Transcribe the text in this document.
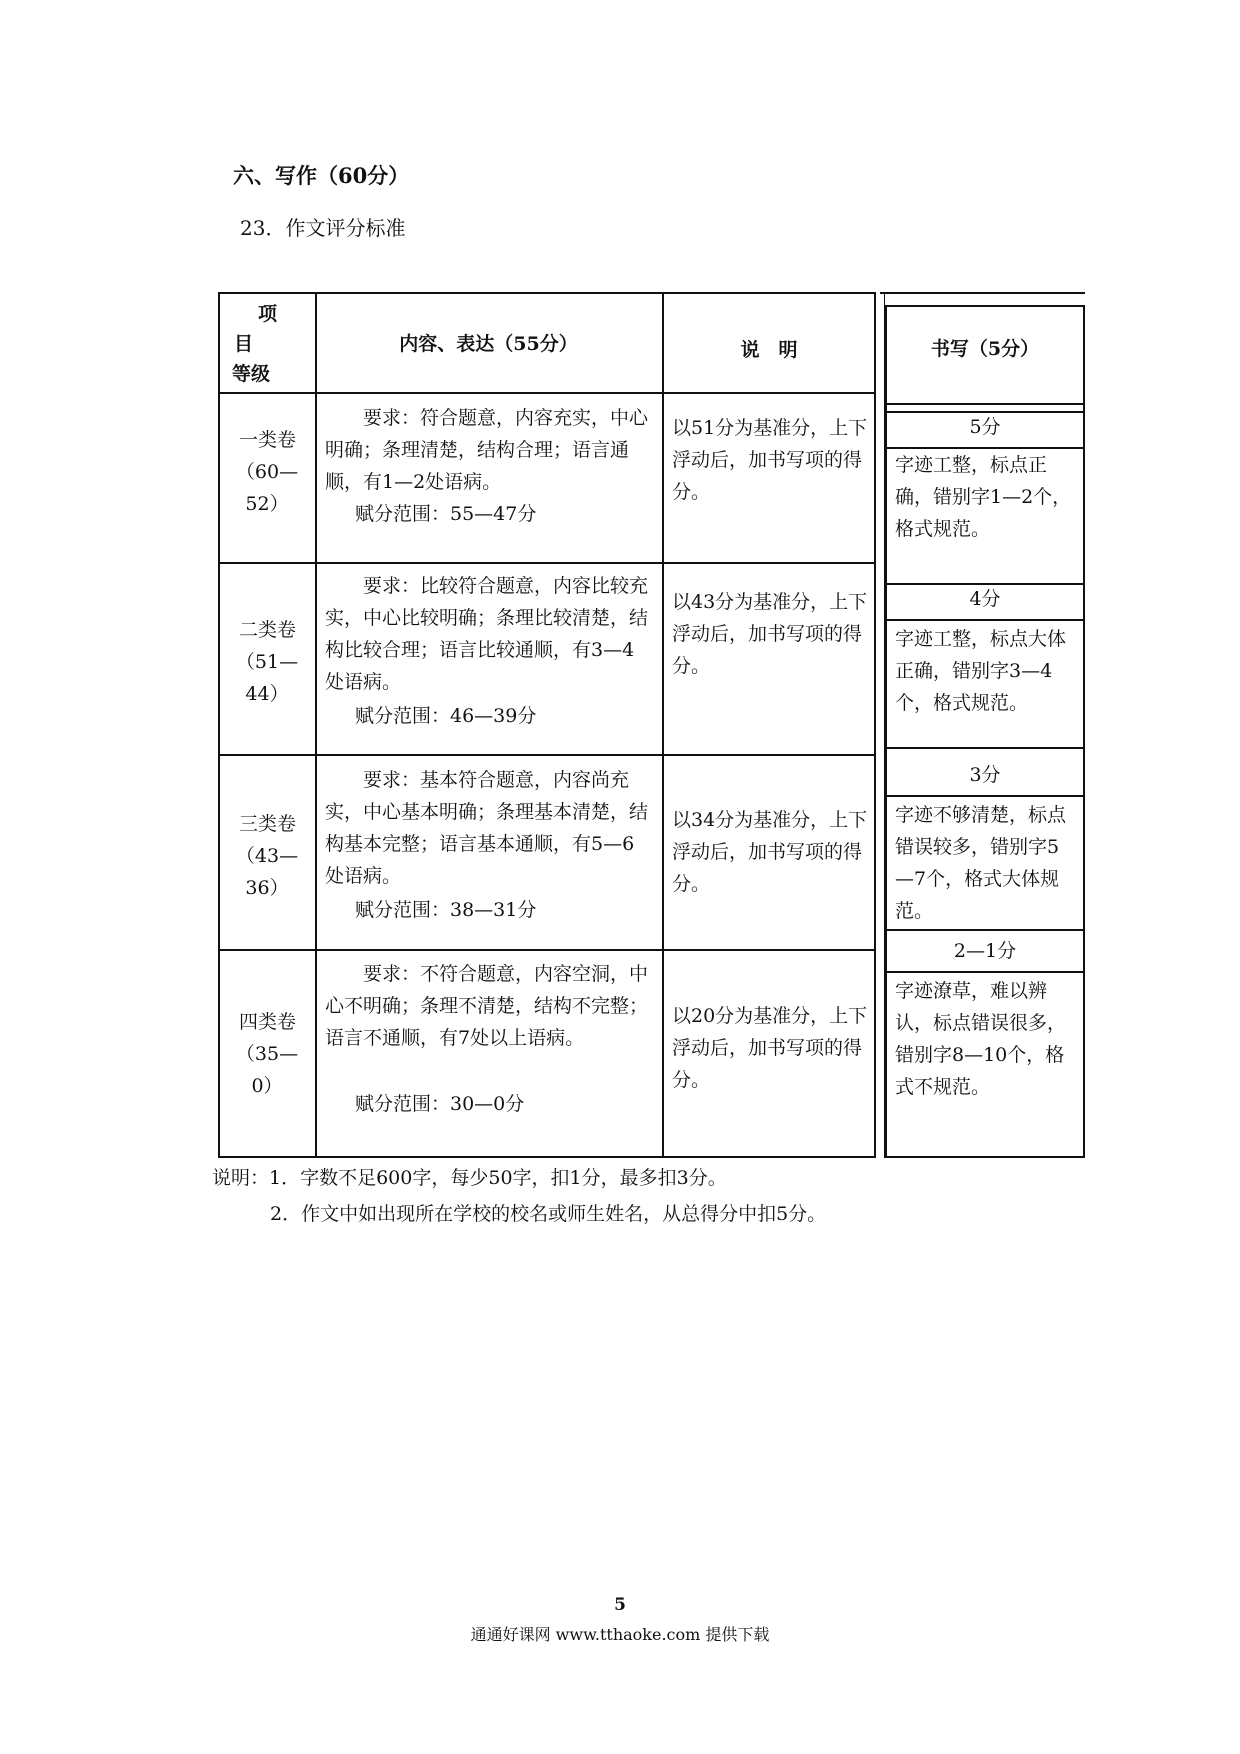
六、写作（60分）
23．作文评分标准
项
目
等级
内容、表达（55分）	说　明
一类卷
（60—52）
要求：符合题意，内容充实，中心明确；条理清楚，结构合理；语言通顺，有1—2处语病。
赋分范围：55—47分
以51分为基准分，上下浮动后，加书写项的得分。
二类卷
（51—44）
要求：比较符合题意，内容比较充实，中心比较明确；条理比较清楚，结构比较合理；语言比较通顺，有3—4处语病。
赋分范围：46—39分
以43分为基准分，上下浮动后，加书写项的得分。
三类卷
（43—36）
要求：基本符合题意，内容尚充实，中心基本明确；条理基本清楚，结构基本完整；语言基本通顺，有5—6处语病。
赋分范围：38—31分
以34分为基准分，上下浮动后，加书写项的得分。
四类卷
（35—0）
要求：不符合题意，内容空洞，中心不明确；条理不清楚，结构不完整；语言不通顺，有7处以上语病。
赋分范围：30—0分
以20分为基准分，上下浮动后，加书写项的得分。
书写（5分）
5分
字迹工整，标点正确，错别字1—2个，格式规范。
4分
字迹工整，标点大体正确，错别字3—4个，格式规范。
3分
字迹不够清楚，标点错误较多，错别字5—7个，格式大体规范。
2—1分
字迹潦草，难以辨认，标点错误很多，错别字8—10个，格式不规范。
说明：1．字数不足600字，每少50字，扣1分，最多扣3分。
2．作文中如出现所在学校的校名或师生姓名，从总得分中扣5分。
5
通通好课网 www.tthaoke.com 提供下载
